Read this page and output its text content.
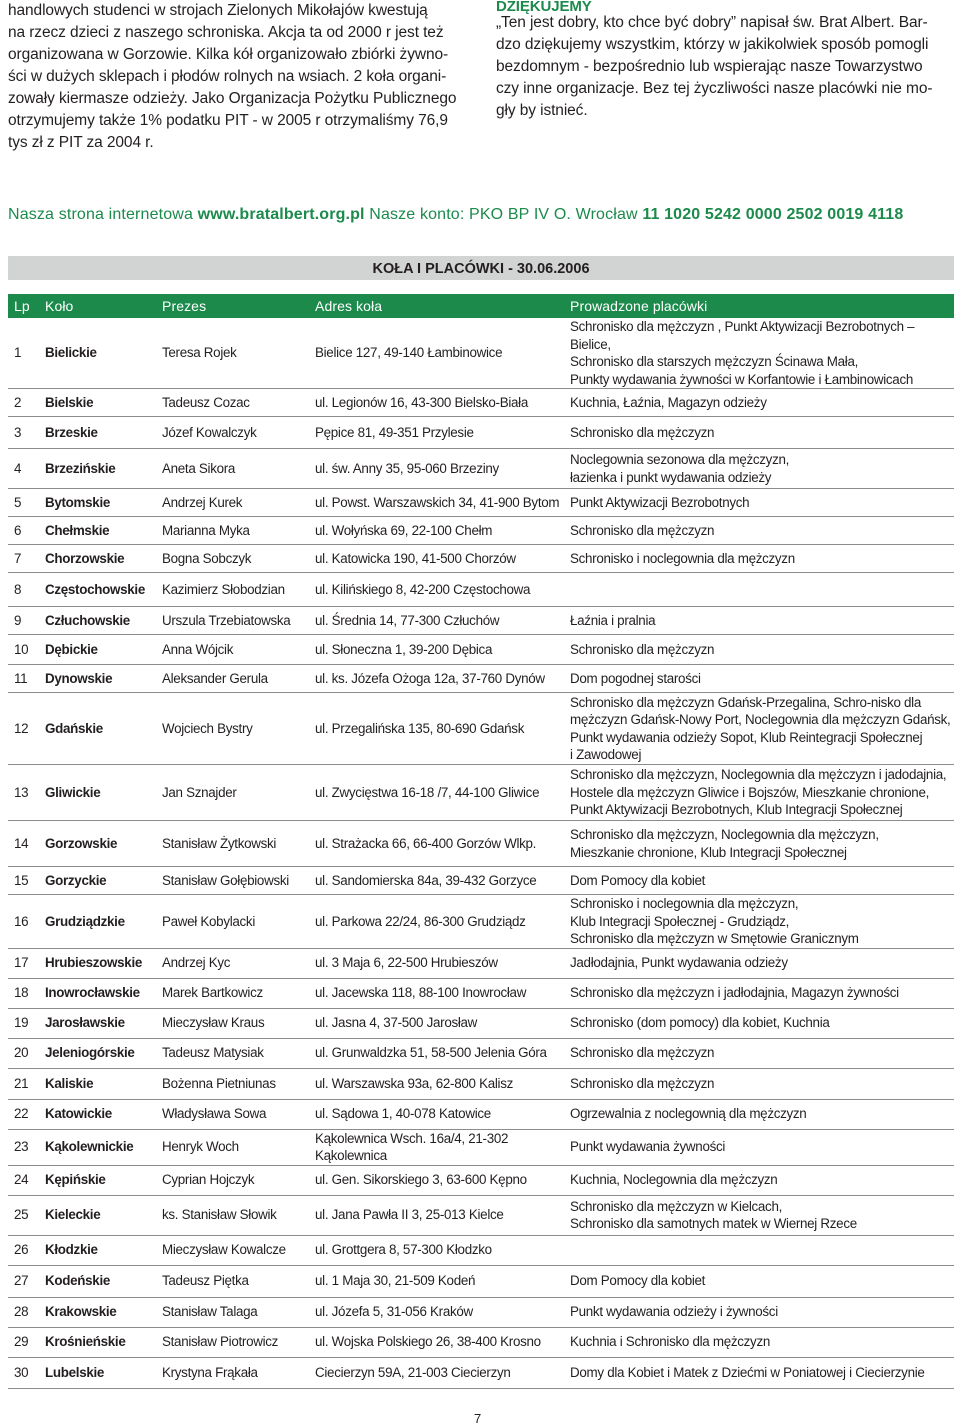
handlowych studenci w strojach Zielonych Mikołajów kwestują
na rzecz dzieci z naszego schroniska. Akcja ta od 2000 r jest też
organizowana w Gorzowie. Kilka kół organizowało zbiórki żywno-
ści w dużych sklepach i płodów rolnych na wsiach. 2 koła organi-
zowały kiermasze odzieży. Jako Organizacja Pożytku Publicznego
otrzymujemy także 1% podatku PIT - w 2005 r otrzymaliśmy 76,9
tys zł z PIT za 2004 r.
DZIĘKUJEMY
„Ten jest dobry, kto chce być dobry” napisał św. Brat Albert. Bar-
dzo dziękujemy wszystkim, którzy w jakikolwiek sposób pomogli
bezdomnym - bezpośrednio lub wspierając nasze Towarzystwo
czy inne organizacje. Bez tej życzliwości nasze placówki nie mo-
gły by istnieć.
Nasza strona internetowa www.bratalbert.org.pl Nasze konto: PKO BP IV O. Wrocław 11 1020 5242 0000 2502 0019 4118
KOŁA I PLACÓWKI - 30.06.2006
Lp	Koło	Prezes	Adres koła	Prowadzone placówki
1	Bielickie	Teresa Rojek	Bielice 127, 49-140 Łambinowice	Schronisko dla mężczyzn , Punkt Aktywizacji Bezrobotnych – Bielice,
Schronisko dla starszych mężczyzn Ścinawa Mała,
Punkty wydawania żywności w Korfantowie i Łambinowicach

2	Bielskie	Tadeusz Cozac	ul. Legionów 16, 43-300 Bielsko-Biała	Kuchnia, Łaźnia, Magazyn odzieży

3	Brzeskie	Józef Kowalczyk	Pępice 81, 49-351 Przylesie	Schronisko dla mężczyzn

4	Brzezińskie	Aneta Sikora	ul. św. Anny 35, 95-060 Brzeziny	Noclegownia sezonowa dla mężczyzn,
łazienka i punkt wydawania odzieży

5	Bytomskie	Andrzej Kurek	ul. Powst. Warszawskich 34, 41-900 Bytom	Punkt Aktywizacji Bezrobotnych

6	Chełmskie	Marianna Myka	ul. Wołyńska 69, 22-100 Chełm	Schronisko dla mężczyzn

7	Chorzowskie	Bogna Sobczyk	ul. Katowicka 190, 41-500 Chorzów	Schronisko i noclegownia dla mężczyzn

8	Częstochowskie	Kazimierz Słobodzian	ul. Kilińskiego 8, 42-200 Częstochowa	

9	Człuchowskie	Urszula Trzebiatowska	ul. Średnia 14, 77-300 Człuchów	Łaźnia i pralnia

10	Dębickie	Anna Wójcik	ul. Słoneczna 1, 39-200 Dębica	Schronisko dla mężczyzn

11	Dynowskie	Aleksander Gerula	ul. ks. Józefa Ożoga 12a, 37-760 Dynów	Dom pogodnej starości

12	Gdańskie	Wojciech Bystry	ul. Przegalińska 135, 80-690 Gdańsk	Schronisko dla mężczyzn Gdańsk-Przegalina, Schro-nisko dla
mężczyzn Gdańsk-Nowy Port, Noclegownia dla mężczyzn Gdańsk,
Punkt wydawania odzieży Sopot, Klub Reintegracji Społecznej
i Zawodowej

13	Gliwickie	Jan Sznajder	ul. Zwycięstwa 16-18 /7, 44-100 Gliwice	Schronisko dla mężczyzn, Noclegownia dla mężczyzn i jadodajnia,
Hostele dla mężczyzn Gliwice i Bojszów, Mieszkanie chronione,
Punkt Aktywizacji Bezrobotnych, Klub Integracji Społecznej

14	Gorzowskie	Stanisław Żytkowski	ul. Strażacka 66, 66-400 Gorzów Wlkp.	Schronisko dla mężczyzn, Noclegownia dla mężczyzn,
Mieszkanie chronione, Klub Integracji Społecznej

15	Gorzyckie	Stanisław Gołębiowski	ul. Sandomierska 84a, 39-432 Gorzyce	Dom Pomocy dla kobiet

16	Grudziądzkie	Paweł Kobylacki	ul. Parkowa 22/24, 86-300 Grudziądz	Schronisko i noclegownia dla mężczyzn,
Klub Integracji Społecznej - Grudziądz,
Schronisko dla mężczyzn w Smętowie Granicznym

17	Hrubieszowskie	Andrzej Kyc	ul. 3 Maja 6, 22-500 Hrubieszów	Jadłodajnia, Punkt wydawania odzieży

18	Inowrocławskie	Marek Bartkowicz	ul. Jacewska 118, 88-100 Inowrocław	Schronisko dla mężczyzn i jadłodajnia, Magazyn żywności

19	Jarosławskie	Mieczysław Kraus	ul. Jasna 4, 37-500 Jarosław	Schronisko (dom pomocy) dla kobiet, Kuchnia

20	Jeleniogórskie	Tadeusz Matysiak	ul. Grunwaldzka 51, 58-500 Jelenia Góra	Schronisko dla mężczyzn

21	Kaliskie	Bożenna Pietniunas	ul. Warszawska 93a, 62-800 Kalisz	Schronisko dla mężczyzn

22	Katowickie	Władysława Sowa	ul. Sądowa 1, 40-078 Katowice	Ogrzewalnia z noclegownią dla mężczyzn

23	Kąkolewnickie	Henryk Woch	Kąkolewnica Wsch. 16a/4, 21-302 Kąkolewnica	Punkt wydawania żywności

24	Kępińskie	Cyprian Hojczyk	ul. Gen. Sikorskiego 3, 63-600 Kępno	Kuchnia, Noclegownia dla mężczyzn

25	Kieleckie	ks. Stanisław Słowik	ul. Jana Pawła II 3, 25-013 Kielce	Schronisko dla mężczyzn w Kielcach,
Schronisko dla samotnych matek w Wiernej Rzece

26	Kłodzkie	Mieczysław Kowalcze	ul. Grottgera 8, 57-300 Kłodzko	

27	Kodeńskie	Tadeusz Piętka	ul. 1 Maja 30, 21-509 Kodeń	Dom Pomocy dla kobiet

28	Krakowskie	Stanisław Talaga	ul. Józefa 5, 31-056 Kraków	Punkt wydawania odzieży i żywności

29	Krośnieńskie	Stanisław Piotrowicz	ul. Wojska Polskiego 26, 38-400 Krosno	Kuchnia i Schronisko dla mężczyzn

30	Lubelskie	Krystyna Frąkała	Ciecierzyn 59A, 21-003 Ciecierzyn	Domy dla Kobiet i Matek z Dziećmi w Poniatowej i Ciecierzynie
7
